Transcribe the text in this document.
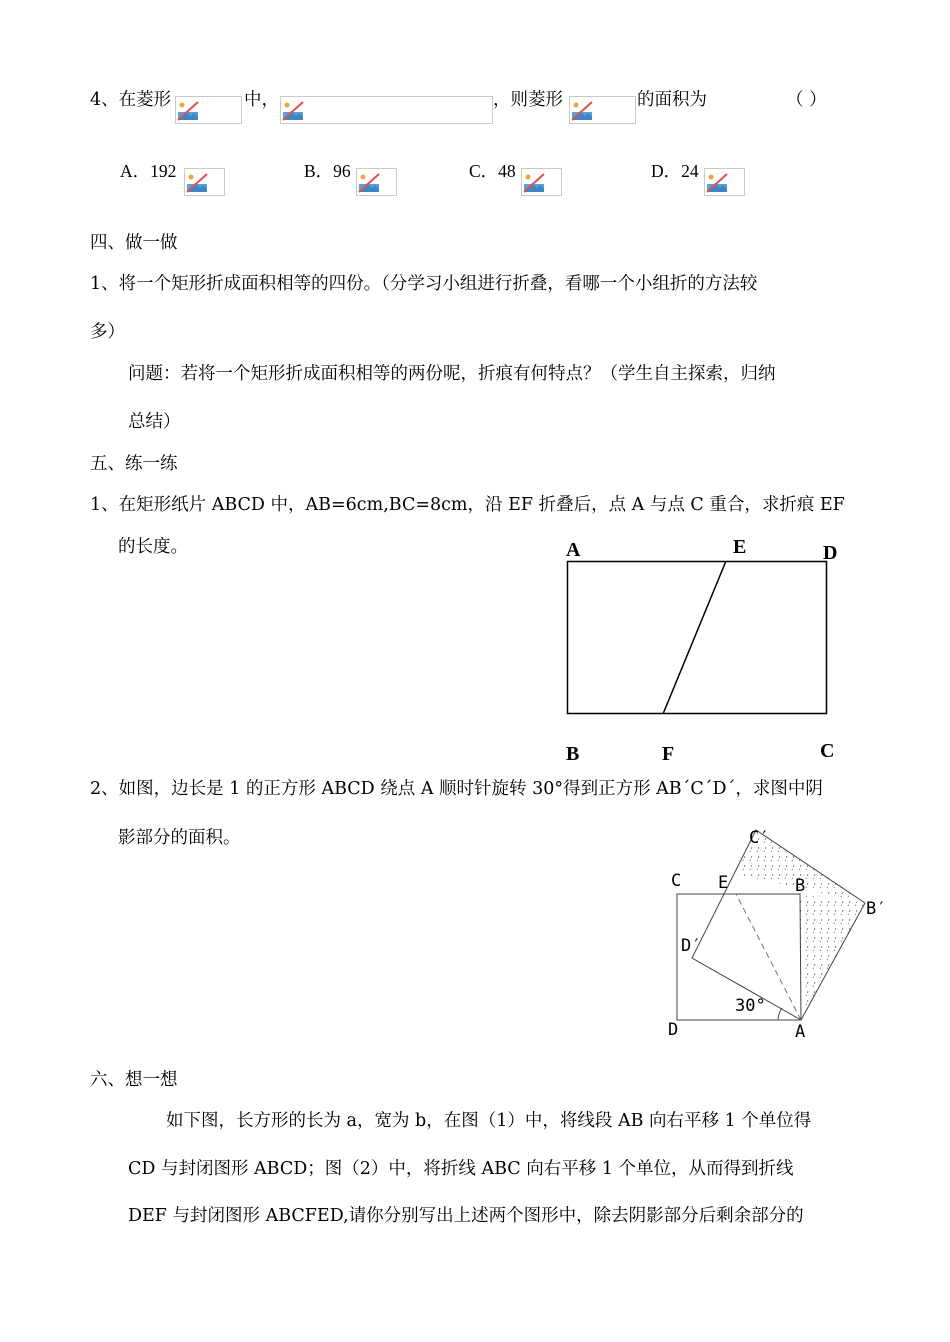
4、在菱形	中，	，则菱形	的面积为	（ ）
A．192	B．96	C．48	D．24
四、做一做
1、将一个矩形折成面积相等的四份。（分学习小组进行折叠，看哪一个小组折的方法较
多）
问题：若将一个矩形折成面积相等的两份呢，折痕有何特点？（学生自主探索，归纳
总结）
五、练一练
1、在矩形纸片 ABCD 中，AB=6cm,BC=8cm，沿 EF 折叠后，点 A 与点 C 重合，求折痕 EF
的长度。	A	E	D
B	F	C
2、如图，边长是 1 的正方形 ABCD 绕点 A 顺时针旋转 30°得到正方形 AB´C´D´，求图中阴
影部分的面积。	C′
C E	B
B′
D′
30°
D	A
六、想一想
如下图，长方形的长为 a，宽为 b，在图（1）中，将线段 AB 向右平移 1 个单位得
CD 与封闭图形 ABCD；图（2）中，将折线 ABC 向右平移 1 个单位，从而得到折线
DEF 与封闭图形 ABCFED,请你分别写出上述两个图形中，除去阴影部分后剩余部分的
